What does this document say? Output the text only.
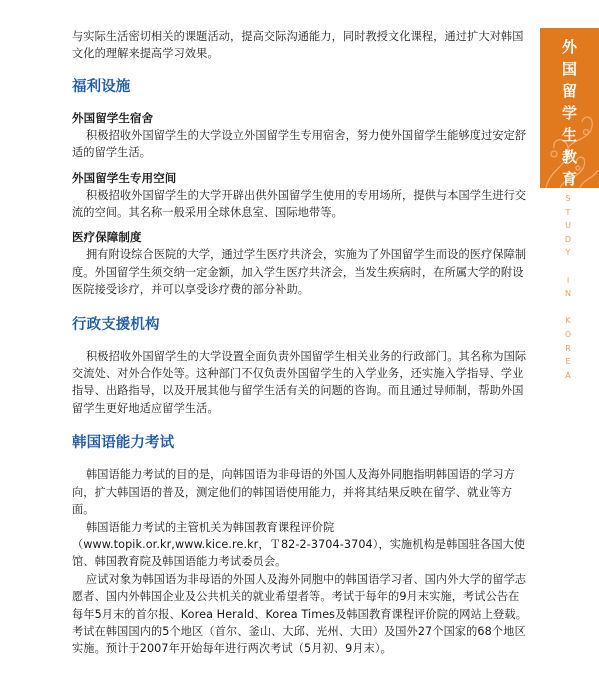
与实际生活密切相关的课题活动，提高交际沟通能力，同时教授文化课程，通过扩大对韩国文化的理解来提高学习效果。

福利设施
外国留学生宿舍

积极招收外国留学生的大学设立外国留学生专用宿舍，努力使外国留学生能够度过安定舒适的留学生活。

外国留学生专用空间

积极招收外国留学生的大学开辟出供外国留学生使用的专用场所，提供与本国学生进行交流的空间。其名称一般采用全球休息室、国际地带等。

医疗保障制度

拥有附设综合医院的大学，通过学生医疗共济会，实施为了外国留学生而设的医疗保障制度。外国留学生须交纳一定金额，加入学生医疗共济会，当发生疾病时，在所属大学的附设医院接受诊疗，并可以享受诊疗费的部分补助。

行政支援机构

积极招收外国留学生的大学设置全面负责外国留学生相关业务的行政部门。其名称为国际交流处、对外合作处等。这种部门不仅负责外国留学生的入学业务，还实施入学指导、学业指导、出路指导，以及开展其他与留学生活有关的问题的咨询。而且通过导师制，帮助外国留学生更好地适应留学生活。

韩国语能力考试

韩国语能力考试的目的是，向韩国语为非母语的外国人及海外同胞指明韩国语的学习方向，扩大韩国语的普及，测定他们的韩国语使用能力，并将其结果反映在留学、就业等方面。

韩国语能力考试的主管机关为韩国教育课程评价院（www.topik.or.kr,www.kice.re.kr，Ｔ82-2-3704-3704），实施机构是韩国驻各国大使馆、韩国教育院及韩国语能力考试委员会。

应试对象为韩国语为非母语的外国人及海外同胞中的韩国语学习者、国内外大学的留学志愿者、国内外韩国企业及公共机关的就业希望者等。考试于每年的9月末实施，考试公告在每年5月末的首尔报、Korea Herald、Korea Times及韩国教育课程评价院的网站上登载。考试在韩国国内的5个地区（首尔、釜山、大邱、光州、大田）及国外27个国家的68个地区实施。预计于2007年开始每年进行两次考试（5月初、9月末）。

外
国
留
学
生
教
育
S
T
U
D
Y

I
N

K
O
R
E
A
